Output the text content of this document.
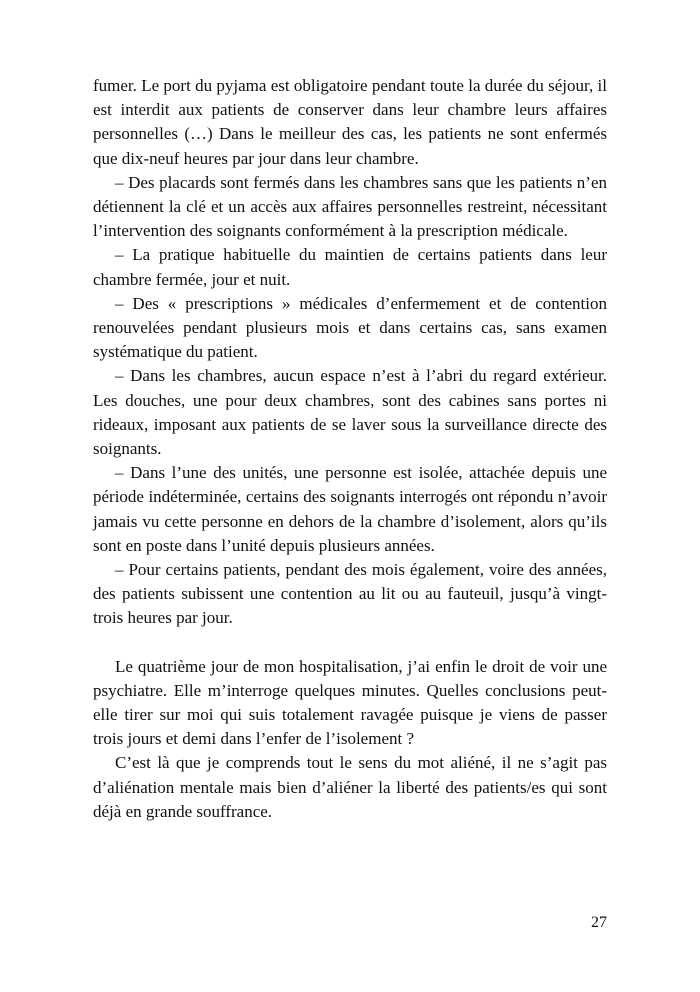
fumer. Le port du pyjama est obligatoire pendant toute la durée du séjour, il est interdit aux patients de conserver dans leur chambre leurs affaires personnelles (…) Dans le meilleur des cas, les patients ne sont enfermés que dix-neuf heures par jour dans leur chambre.

– Des placards sont fermés dans les chambres sans que les patients n’en détiennent la clé et un accès aux affaires personnelles restreint, nécessitant l’intervention des soignants conformément à la prescription médicale.

– La pratique habituelle du maintien de certains patients dans leur chambre fermée, jour et nuit.

– Des « prescriptions » médicales d’enfermement et de contention renouvelées pendant plusieurs mois et dans certains cas, sans examen systématique du patient.

– Dans les chambres, aucun espace n’est à l’abri du regard extérieur. Les douches, une pour deux chambres, sont des cabines sans portes ni rideaux, imposant aux patients de se laver sous la surveillance directe des soignants.

– Dans l’une des unités, une personne est isolée, attachée depuis une période indéterminée, certains des soignants interrogés ont répondu n’avoir jamais vu cette personne en dehors de la chambre d’isolement, alors qu’ils sont en poste dans l’unité depuis plusieurs années.

– Pour certains patients, pendant des mois également, voire des années, des patients subissent une contention au lit ou au fauteuil, jusqu’à vingt-trois heures par jour.

Le quatrième jour de mon hospitalisation, j’ai enfin le droit de voir une psychiatre. Elle m’interroge quelques minutes. Quelles conclusions peut-elle tirer sur moi qui suis totalement ravagée puisque je viens de passer trois jours et demi dans l’enfer de l’isolement ?

C’est là que je comprends tout le sens du mot aliéné, il ne s’agit pas d’aliénation mentale mais bien d’aliéner la liberté des patients/es qui sont déjà en grande souffrance.

27
